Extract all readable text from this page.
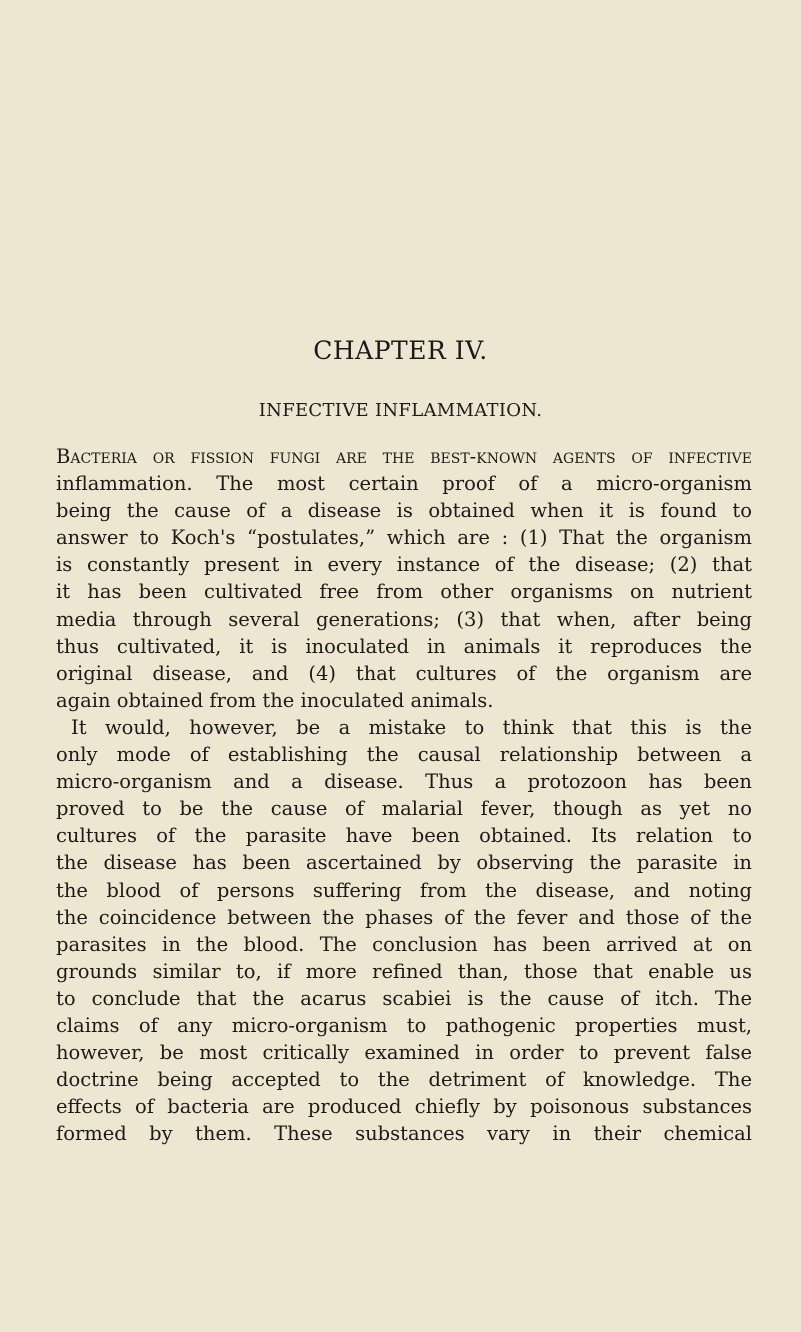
CHAPTER IV.
INFECTIVE INFLAMMATION.
Bacteria or fission fungi are the best-known agents of infective
inflammation. The most certain proof of a micro-organism
being the cause of a disease is obtained when it is found to
answer to Koch's “postulates,” which are : (1) That the organism
is constantly present in every instance of the disease; (2) that
it has been cultivated free from other organisms on nutrient
media through several generations; (3) that when, after being
thus cultivated, it is inoculated in animals it reproduces the
original disease, and (4) that cultures of the organism are
again obtained from the inoculated animals.
It would, however, be a mistake to think that this is the
only mode of establishing the causal relationship between a
micro-organism and a disease. Thus a protozoon has been
proved to be the cause of malarial fever, though as yet no
cultures of the parasite have been obtained. Its relation to
the disease has been ascertained by observing the parasite in
the blood of persons suffering from the disease, and noting
the coincidence between the phases of the fever and those of the
parasites in the blood. The conclusion has been arrived at on
grounds similar to, if more refined than, those that enable us
to conclude that the acarus scabiei is the cause of itch. The
claims of any micro-organism to pathogenic properties must,
however, be most critically examined in order to prevent false
doctrine being accepted to the detriment of knowledge. The
effects of bacteria are produced chiefly by poisonous substances
formed by them. These substances vary in their chemical
